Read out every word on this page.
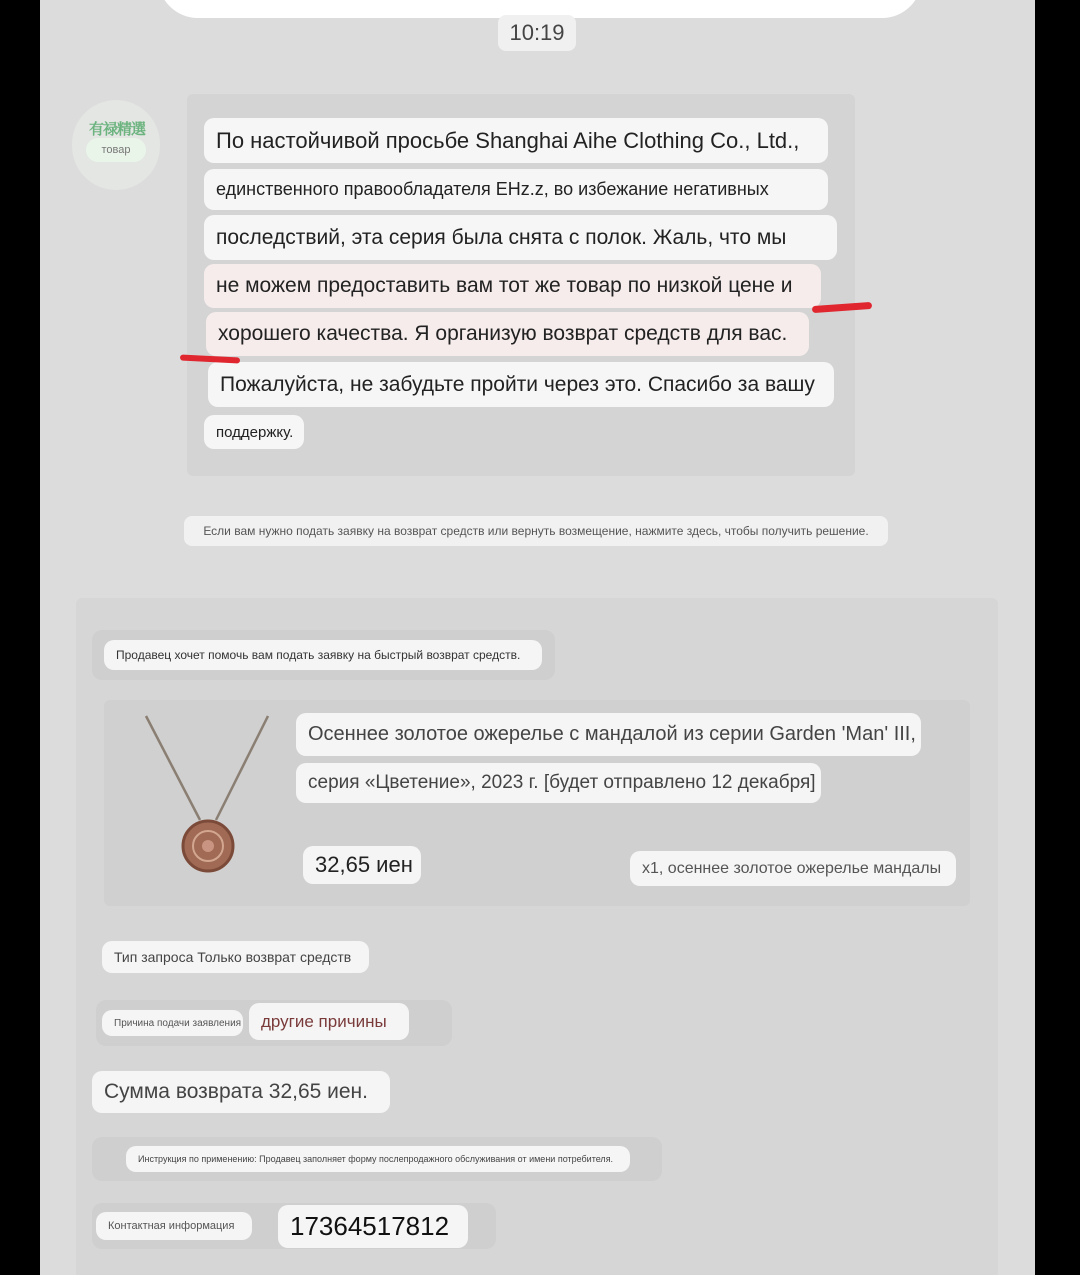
10:19
有禄精選
товар	По настойчивой просьбе Shanghai Aihe Clothing Co., Ltd.,
единственного правообладателя EHz.z, во избежание негативных
последствий, эта серия была снята с полок. Жаль, что мы
не можем предоставить вам тот же товар по низкой цене и
хорошего качества. Я организую возврат средств для вас.
Пожалуйста, не забудьте пройти через это. Спасибо за вашу
поддержку.
Если вам нужно подать заявку на возврат средств или вернуть возмещение, нажмите здесь, чтобы получить решение.
Продавец хочет помочь вам подать заявку на быстрый возврат средств.
Осеннее золотое ожерелье с мандалой из серии Garden 'Man' III,
серия «Цветение», 2023 г. [будет отправлено 12 декабря]
32,65 иен	x1, осеннее золотое ожерелье мандалы
Тип запроса Только возврат средств
Причина подачи заявления	другие причины
Сумма возврата 32,65 иен.
Инструкция по применению: Продавец заполняет форму послепродажного обслуживания от имени потребителя.
Контактная информация	17364517812
